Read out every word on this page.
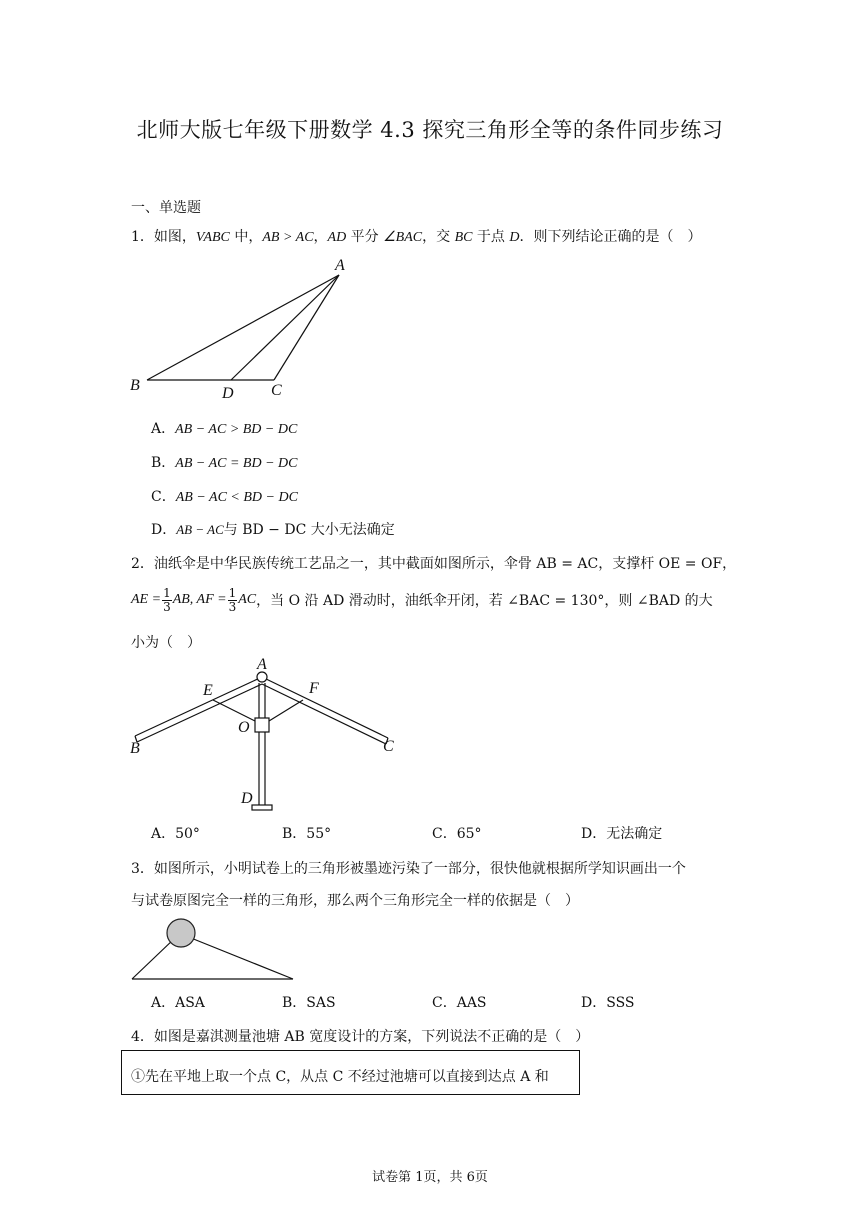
北师大版七年级下册数学 4.3 探究三角形全等的条件同步练习
一、单选题
1．如图，VABC 中，AB > AC，AD 平分 ∠BAC，交 BC 于点 D．则下列结论正确的是（　）
A
B	D C
A．AB − AC > BD − DC
B．AB − AC = BD − DC
C．AB − AC < BD − DC
D．AB − AC与 BD − DC 大小无法确定
2．油纸伞是中华民族传统工艺品之一，其中截面如图所示，伞骨 AB = AC，支撑杆 OE = OF，
AE = $\frac{1}{3}$ AB, AF = $\frac{1}{3}$ AC ，当 O 沿 AD 滑动时，油纸伞开闭，若 ∠BAC = 130°，则 ∠BAD 的大
小为（　）
A
E	F
O
B	C
D
A．50°	B．55°	C．65°	D．无法确定
3．如图所示，小明试卷上的三角形被墨迹污染了一部分，很快他就根据所学知识画出一个
与试卷原图完全一样的三角形，那么两个三角形完全一样的依据是（　）
A．ASA	B．SAS	C．AAS	D．SSS
4．如图是嘉淇测量池塘 AB 宽度设计的方案，下列说法不正确的是（　）
①先在平地上取一个点 C，从点 C 不经过池塘可以直接到达点 A 和
试卷第 1页，共 6页
